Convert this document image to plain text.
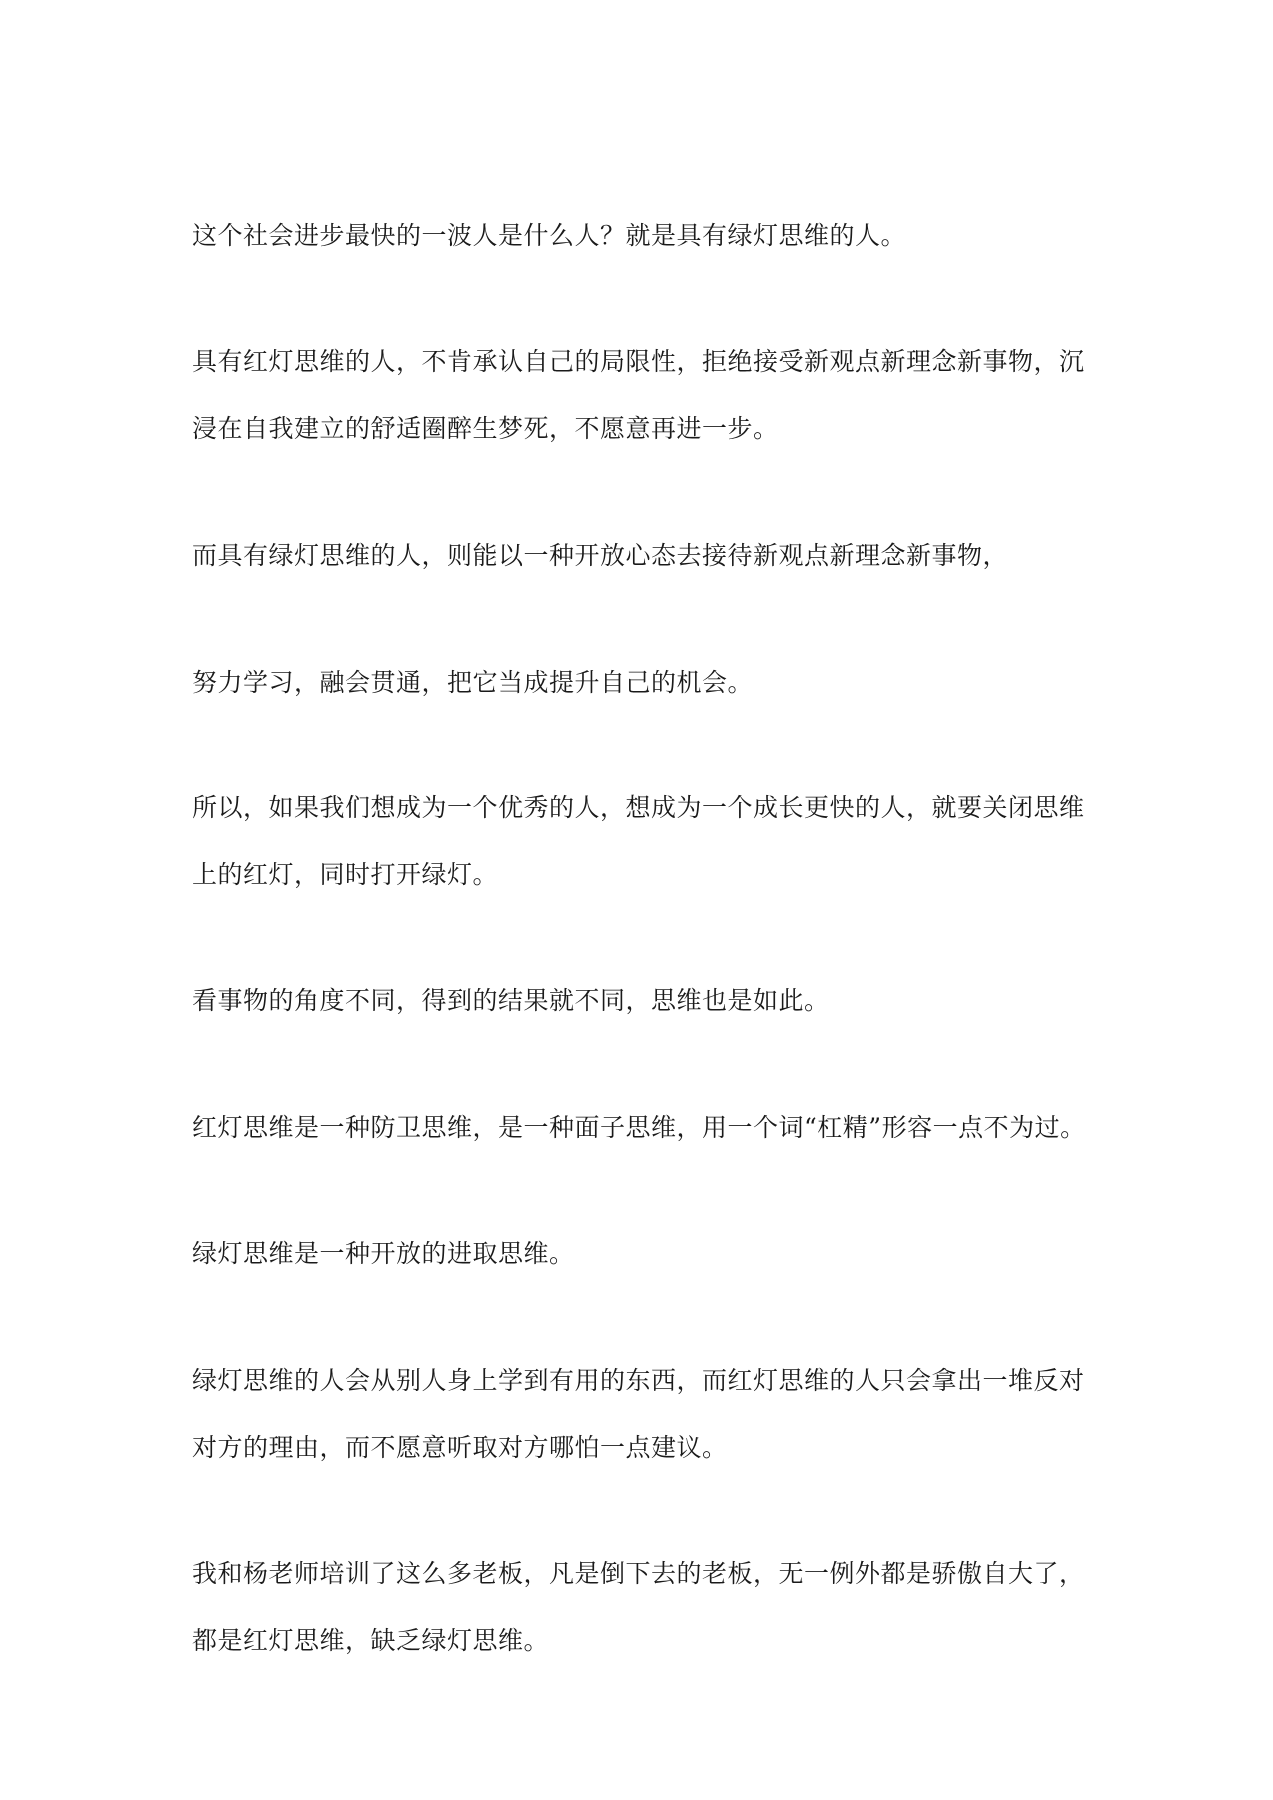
这个社会进步最快的一波人是什么人？就是具有绿灯思维的人。
具有红灯思维的人，不肯承认自己的局限性，拒绝接受新观点新理念新事物，沉
浸在自我建立的舒适圈醉生梦死，不愿意再进一步。
而具有绿灯思维的人，则能以一种开放心态去接待新观点新理念新事物，
努力学习，融会贯通，把它当成提升自己的机会。
所以，如果我们想成为一个优秀的人，想成为一个成长更快的人，就要关闭思维
上的红灯，同时打开绿灯。
看事物的角度不同，得到的结果就不同，思维也是如此。
红灯思维是一种防卫思维，是一种面子思维，用一个词“杠精”形容一点不为过。
绿灯思维是一种开放的进取思维。
绿灯思维的人会从别人身上学到有用的东西，而红灯思维的人只会拿出一堆反对
对方的理由，而不愿意听取对方哪怕一点建议。
我和杨老师培训了这么多老板，凡是倒下去的老板，无一例外都是骄傲自大了，
都是红灯思维，缺乏绿灯思维。
